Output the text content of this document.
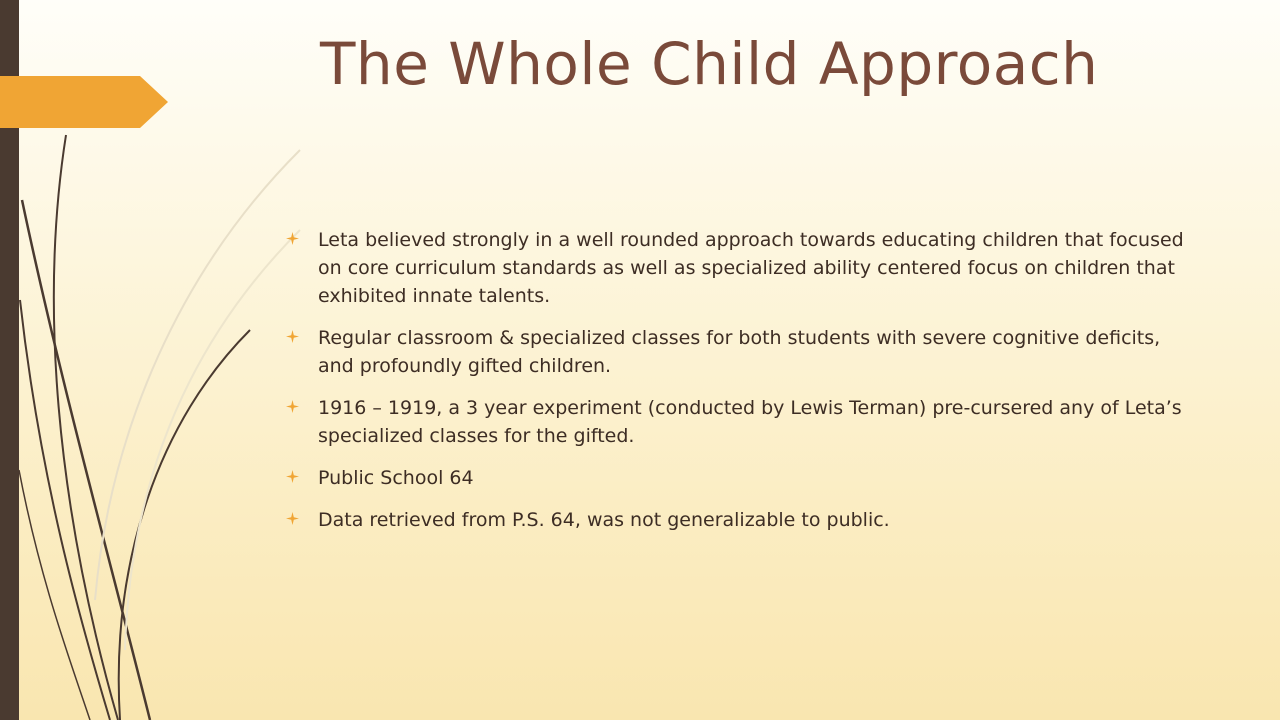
The Whole Child Approach
Leta believed strongly in a well rounded approach towards educating children that focused on core curriculum standards as well as specialized ability centered focus on children that exhibited innate talents.
Regular classroom & specialized classes for both students with severe cognitive deficits, and profoundly gifted children.
1916 – 1919, a 3 year experiment (conducted by Lewis Terman) pre-cursered any of Leta’s specialized classes for the gifted.
Public School 64
Data retrieved from P.S. 64, was not generalizable to public.
